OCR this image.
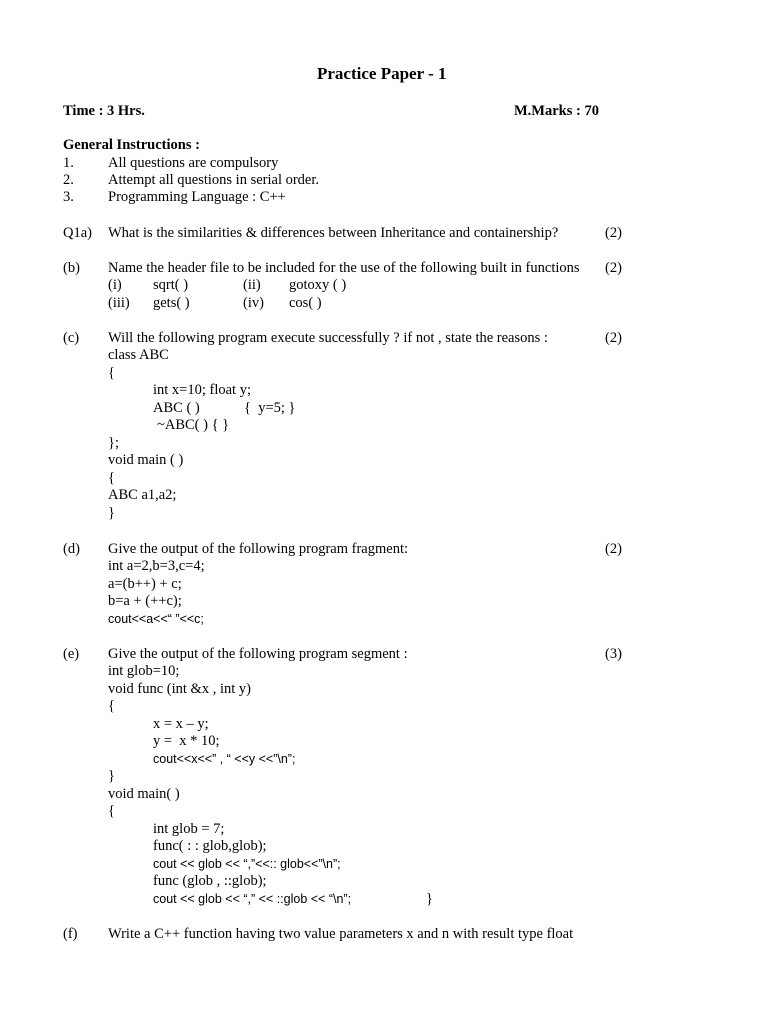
Practice Paper - 1
Time : 3 Hrs.	M.Marks : 70
General Instructions :
1. All questions are compulsory
2. Attempt all questions in serial order.
3. Programming Language : C++
Q1a) What is the similarities & differences between Inheritance and containership?	(2)
(b) Name the header file to be included for the use of the following built in functions (2)
(i) sqrt( )	(ii) gotoxy ( )
(iii) gets( )	(iv) cos( )
(c) Will the following program execute successfully ? if not , state the reasons :	(2)
class ABC
{
int x=10; float y;
ABC ( )	{  y=5; }
~ABC( ) { }
};
void main ( )
{
ABC a1,a2;
}
(d) Give the output of the following program fragment:	(2)
int a=2,b=3,c=4;
a=(b++) + c;
b=a + (++c);
cout<<a<<“ ”<<c;
(e) Give the output of the following program segment :	(3)
int glob=10;
void func (int &x , int y)
{
x = x – y;
y =  x * 10;
cout<<x<<” , “ <<y <<”\n”;
}
void main( )
{
int glob = 7;
func( : : glob,glob);
cout << glob << “,”<<:: glob<<”\n”;
func (glob , ::glob);
cout << glob << “,” << ::glob << “\n”;	}
(f) Write a C++ function having two value parameters x and n with result type float
